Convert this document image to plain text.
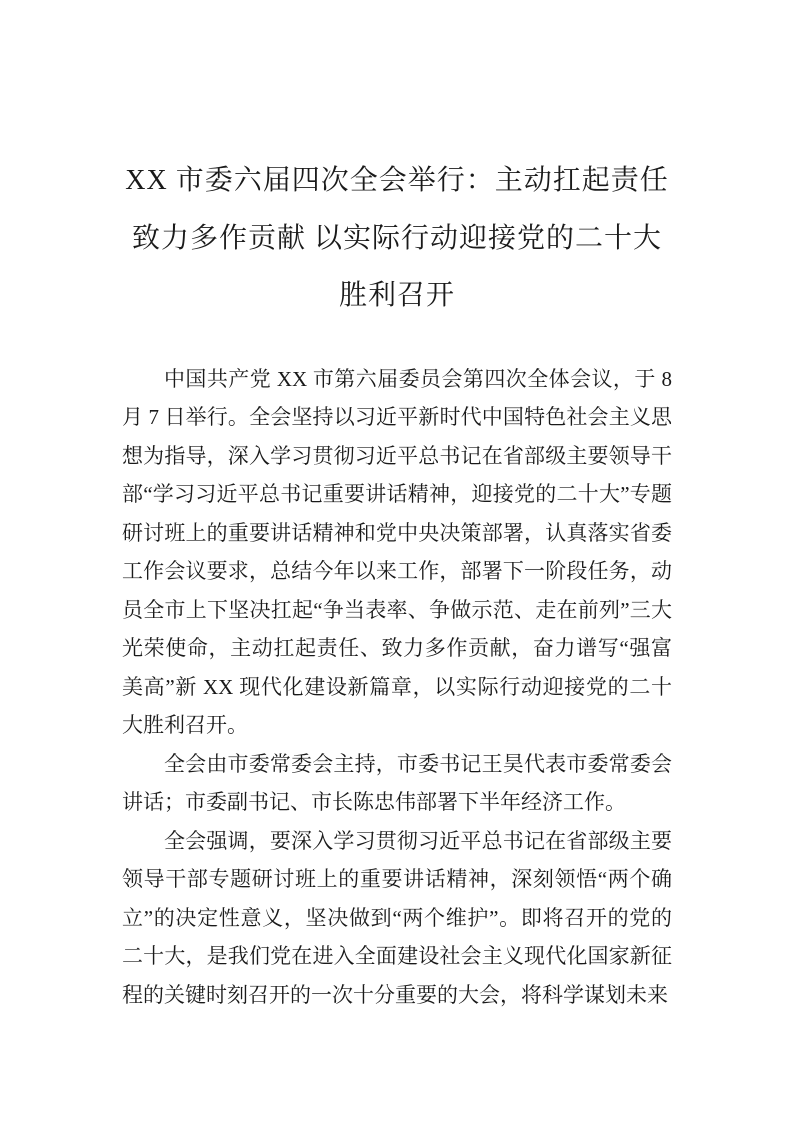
XX 市委六届四次全会举行：主动扛起责任
致力多作贡献 以实际行动迎接党的二十大
胜利召开

中国共产党 XX 市第六届委员会第四次全体会议，于 8 月 7 日举行。全会坚持以习近平新时代中国特色社会主义思想为指导，深入学习贯彻习近平总书记在省部级主要领导干部“学习习近平总书记重要讲话精神，迎接党的二十大”专题研讨班上的重要讲话精神和党中央决策部署，认真落实省委工作会议要求，总结今年以来工作，部署下一阶段任务，动员全市上下坚决扛起“争当表率、争做示范、走在前列”三大光荣使命，主动扛起责任、致力多作贡献，奋力谱写“强富美高”新 XX 现代化建设新篇章，以实际行动迎接党的二十大胜利召开。

全会由市委常委会主持，市委书记王昊代表市委常委会讲话；市委副书记、市长陈忠伟部署下半年经济工作。

全会强调，要深入学习贯彻习近平总书记在省部级主要领导干部专题研讨班上的重要讲话精神，深刻领悟“两个确立”的决定性意义，坚决做到“两个维护”。即将召开的党的二十大，是我们党在进入全面建设社会主义现代化国家新征程的关键时刻召开的一次十分重要的大会，将科学谋划未来
